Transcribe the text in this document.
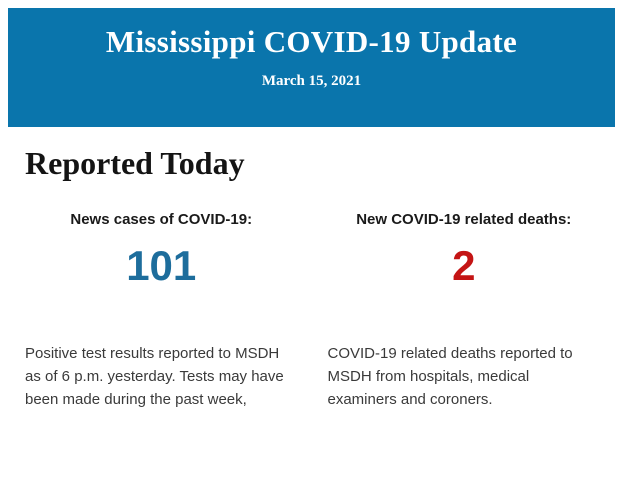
Mississippi COVID-19 Update
March 15, 2021
Reported Today
News cases of COVID-19:
101

Positive test results reported to MSDH as of 6 p.m. yesterday. Tests may have been made during the past week,

New COVID-19 related deaths:
2

COVID-19 related deaths reported to MSDH from hospitals, medical examiners and coroners.
